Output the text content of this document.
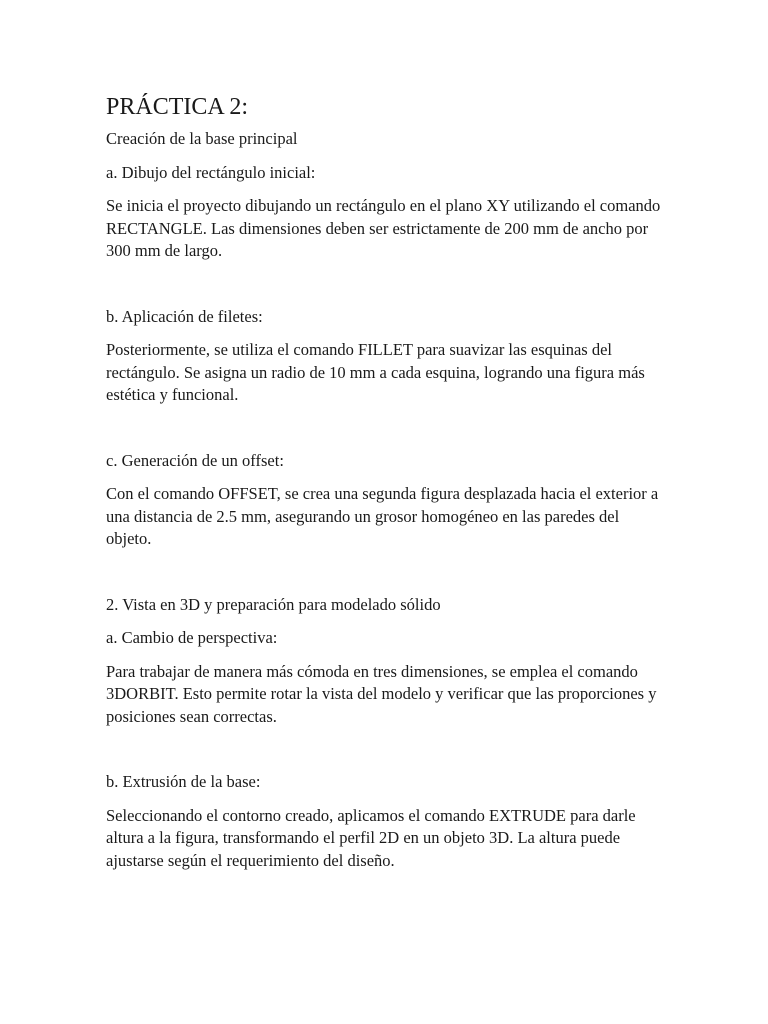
PRÁCTICA 2:

Creación de la base principal

a. Dibujo del rectángulo inicial:

Se inicia el proyecto dibujando un rectángulo en el plano XY utilizando el comando RECTANGLE. Las dimensiones deben ser estrictamente de 200 mm de ancho por 300 mm de largo.

b. Aplicación de filetes:

Posteriormente, se utiliza el comando FILLET para suavizar las esquinas del rectángulo. Se asigna un radio de 10 mm a cada esquina, logrando una figura más estética y funcional.

c. Generación de un offset:

Con el comando OFFSET, se crea una segunda figura desplazada hacia el exterior a una distancia de 2.5 mm, asegurando un grosor homogéneo en las paredes del objeto.

2. Vista en 3D y preparación para modelado sólido

a. Cambio de perspectiva:

Para trabajar de manera más cómoda en tres dimensiones, se emplea el comando 3DORBIT. Esto permite rotar la vista del modelo y verificar que las proporciones y posiciones sean correctas.

b. Extrusión de la base:

Seleccionando el contorno creado, aplicamos el comando EXTRUDE para darle altura a la figura, transformando el perfil 2D en un objeto 3D. La altura puede ajustarse según el requerimiento del diseño.
